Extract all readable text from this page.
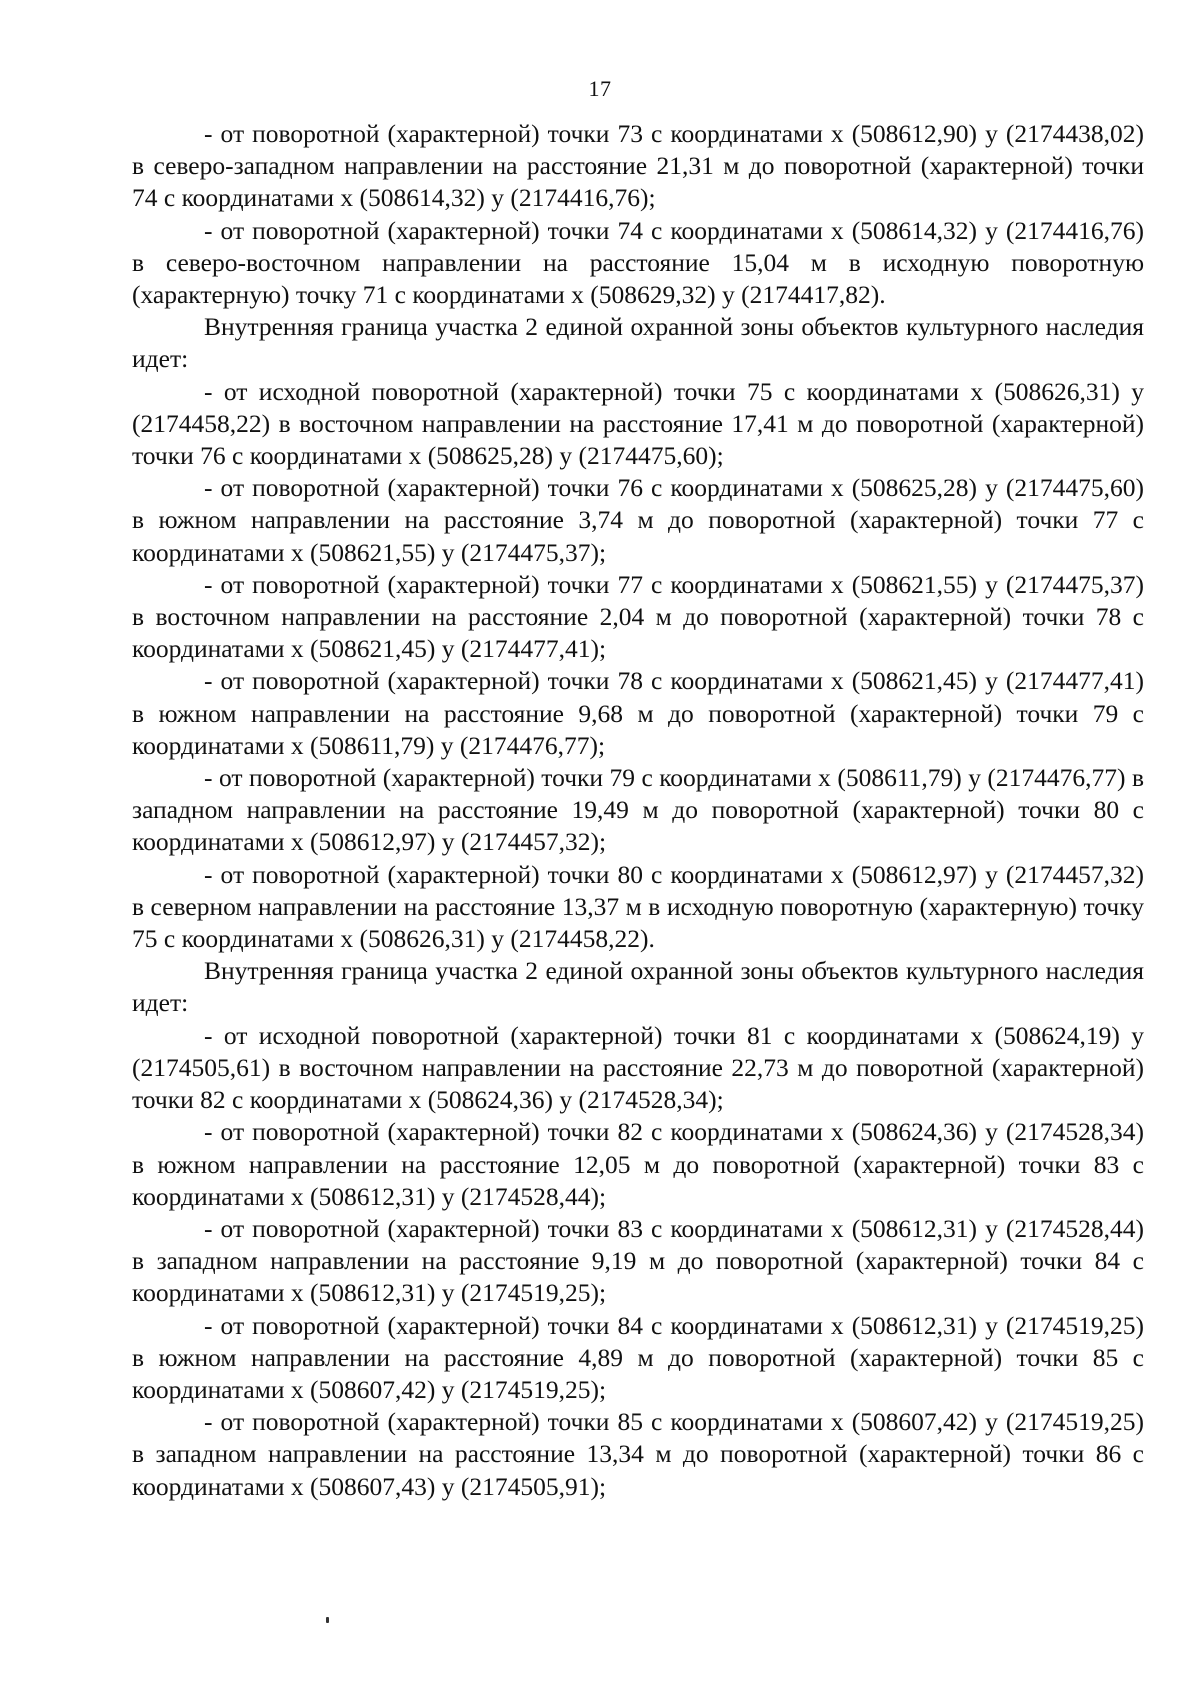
17

- от поворотной (характерной) точки 73 с координатами х (508612,90) у (2174438,02) в северо-западном направлении на расстояние 21,31 м до поворотной (характерной) точки 74 с координатами х (508614,32) у (2174416,76);

- от поворотной (характерной) точки 74 с координатами х (508614,32) у (2174416,76) в северо-восточном направлении на расстояние 15,04 м в исходную поворотную (характерную) точку 71 с координатами х (508629,32) у (2174417,82).

Внутренняя граница участка 2 единой охранной зоны объектов культурного наследия идет:

- от исходной поворотной (характерной) точки 75 с координатами х (508626,31) у (2174458,22) в восточном направлении на расстояние 17,41 м до поворотной (характерной) точки 76 с координатами х (508625,28) у (2174475,60);

- от поворотной (характерной) точки 76 с координатами х (508625,28) у (2174475,60) в южном направлении на расстояние 3,74 м до поворотной (характерной) точки 77 с координатами х (508621,55) у (2174475,37);

- от поворотной (характерной) точки 77 с координатами х (508621,55) у (2174475,37) в восточном направлении на расстояние 2,04 м до поворотной (характерной) точки 78 с координатами х (508621,45) у (2174477,41);

- от поворотной (характерной) точки 78 с координатами х (508621,45) у (2174477,41) в южном направлении на расстояние 9,68 м до поворотной (характерной) точки 79 с координатами х (508611,79) у (2174476,77);

- от поворотной (характерной) точки 79 с координатами х (508611,79) у (2174476,77) в западном направлении на расстояние 19,49 м до поворотной (характерной) точки 80 с координатами х (508612,97) у (2174457,32);

- от поворотной (характерной) точки 80 с координатами х (508612,97) у (2174457,32) в северном направлении на расстояние 13,37 м в исходную поворотную (характерную) точку 75 с координатами х (508626,31) у (2174458,22).

Внутренняя граница участка 2 единой охранной зоны объектов культурного наследия идет:

- от исходной поворотной (характерной) точки 81 с координатами х (508624,19) у (2174505,61) в восточном направлении на расстояние 22,73 м до поворотной (характерной) точки 82 с координатами х (508624,36) у (2174528,34);

- от поворотной (характерной) точки 82 с координатами х (508624,36) у (2174528,34) в южном направлении на расстояние 12,05 м до поворотной (характерной) точки 83 с координатами х (508612,31) у (2174528,44);

- от поворотной (характерной) точки 83 с координатами х (508612,31) у (2174528,44) в западном направлении на расстояние 9,19 м до поворотной (характерной) точки 84 с координатами х (508612,31) у (2174519,25);

- от поворотной (характерной) точки 84 с координатами х (508612,31) у (2174519,25) в южном направлении на расстояние 4,89 м до поворотной (характерной) точки 85 с координатами х (508607,42) у (2174519,25);

- от поворотной (характерной) точки 85 с координатами х (508607,42) у (2174519,25) в западном направлении на расстояние 13,34 м до поворотной (характерной) точки 86 с координатами х (508607,43) у (2174505,91);
